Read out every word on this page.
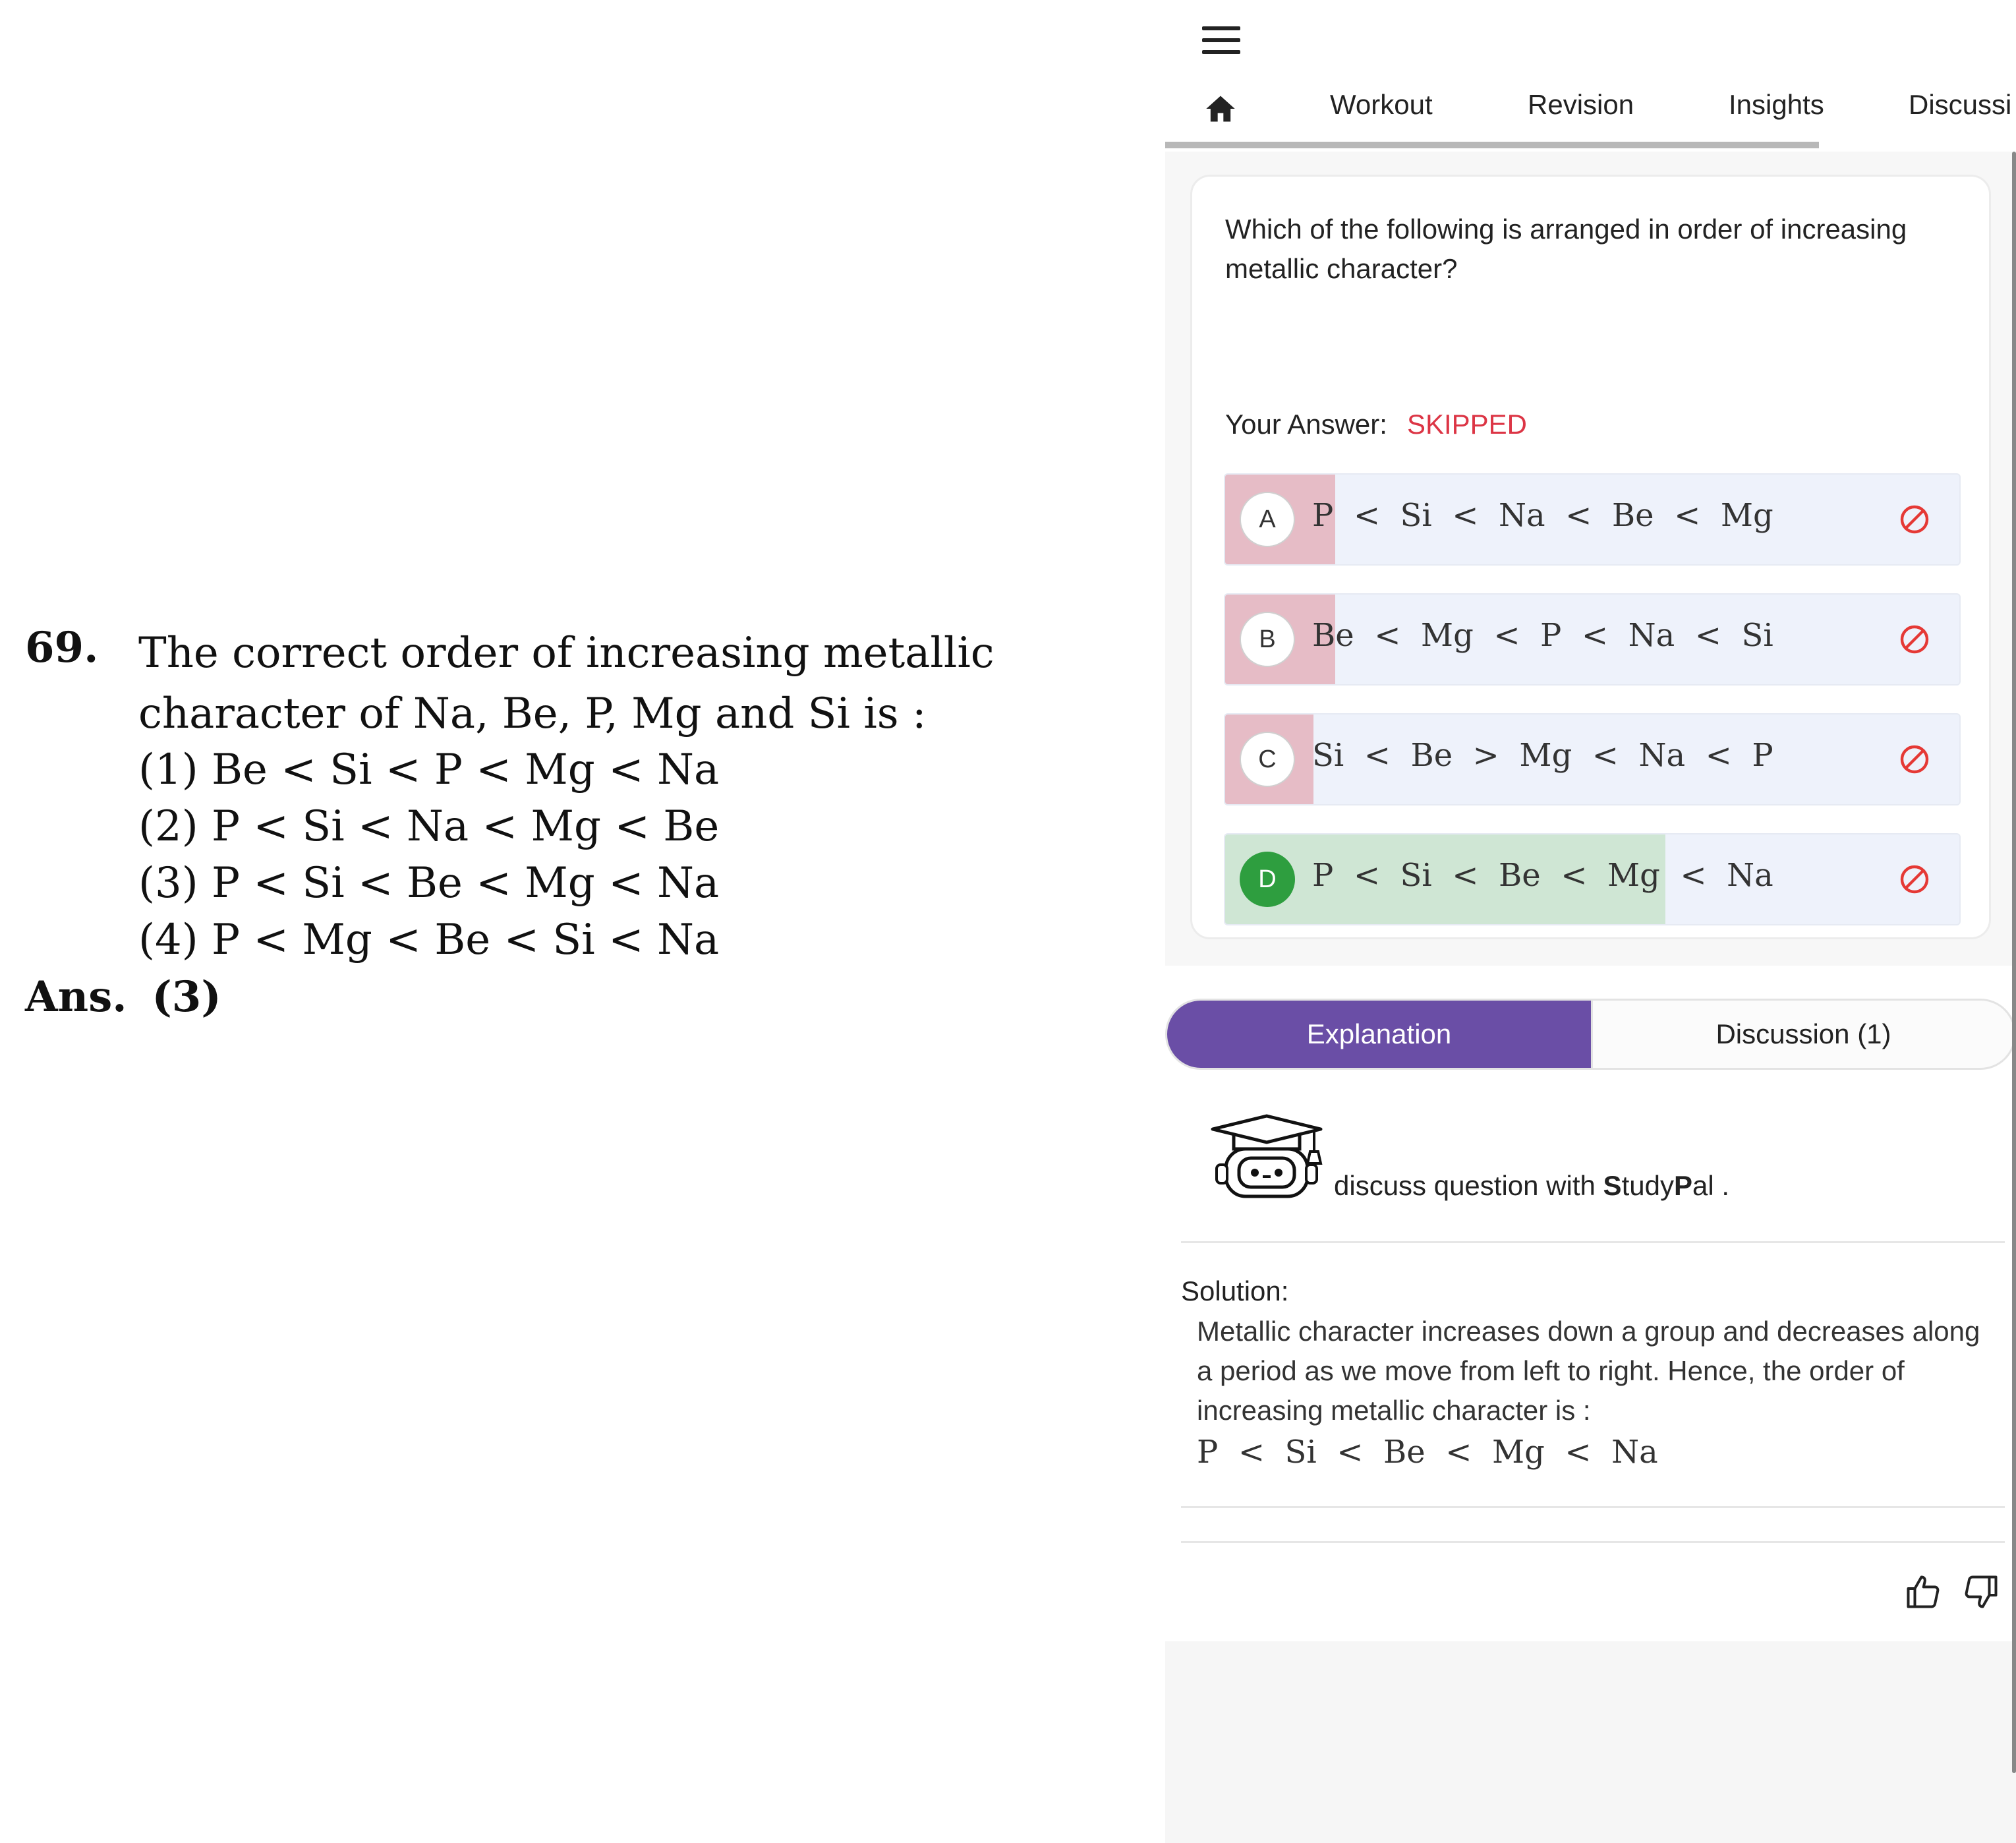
69. The correct order of increasing metallic character of Na, Be, P, Mg and Si is :
(1) Be < Si < P < Mg < Na
(2) P < Si < Na < Mg < Be
(3) P < Si < Be < Mg < Na
(4) P < Mg < Be < Si < Na
Ans. (3)
Workout	Revision	Insights	Discussi
Which of the following is arranged in order of increasing metallic character?
Your Answer: SKIPPED
A	P  <  Si  <  Na  <  Be  <  Mg
B	Be  <  Mg  <  P  <  Na  <  Si
C	Si  <  Be  >  Mg  <  Na  <  P
D	P  <  Si  <  Be  <  Mg  <  Na
Explanation	Discussion (1)
discuss question with StudyPal .
Solution:
Metallic character increases down a group and decreases along a period as we move from left to right. Hence, the order of increasing metallic character is :
P  <  Si  <  Be  <  Mg  <  Na
